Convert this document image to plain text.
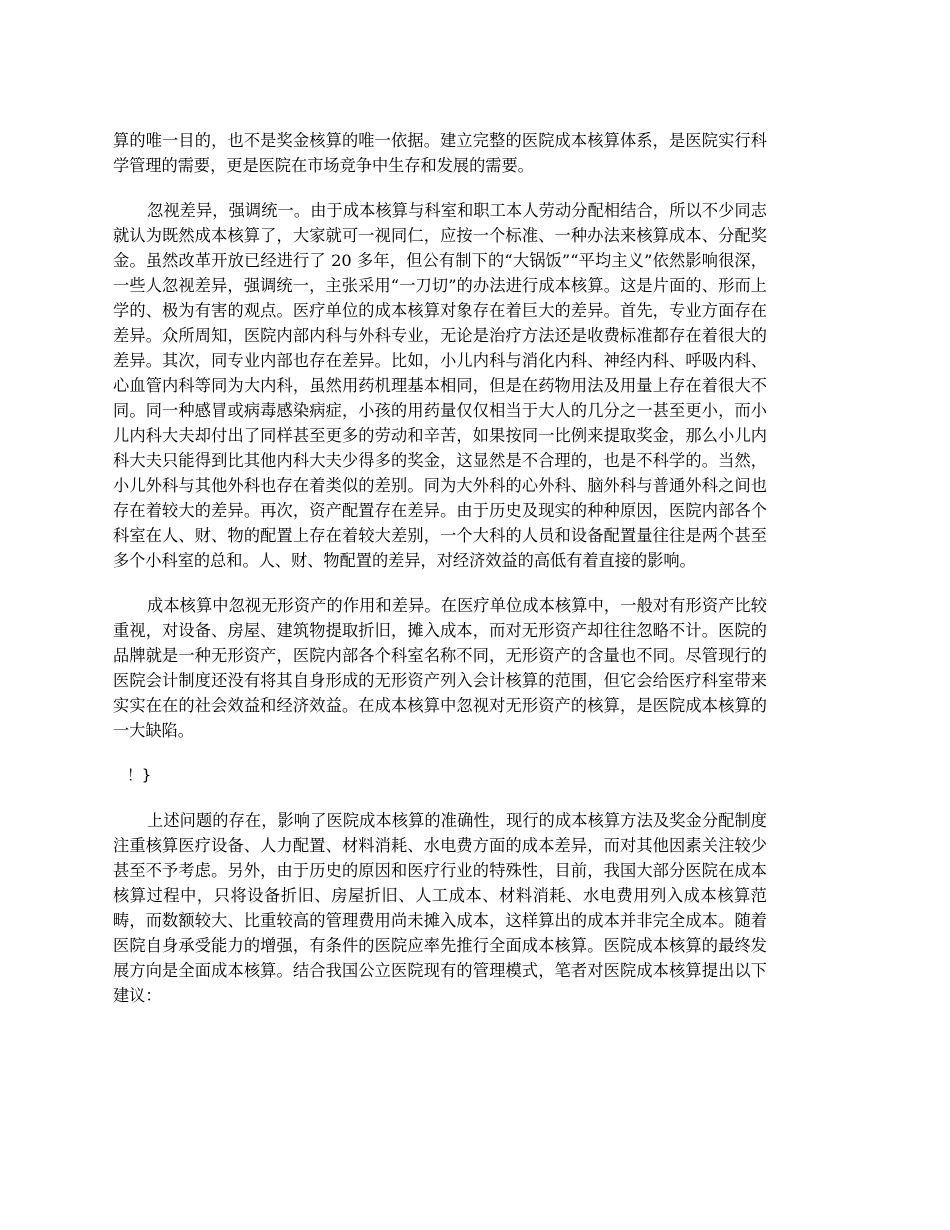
算的唯一目的，也不是奖金核算的唯一依据。建立完整的医院成本核算体系，是医院实行科学管理的需要，更是医院在市场竞争中生存和发展的需要。

忽视差异，强调统一。由于成本核算与科室和职工本人劳动分配相结合，所以不少同志就认为既然成本核算了，大家就可一视同仁，应按一个标准、一种办法来核算成本、分配奖金。虽然改革开放已经进行了 20 多年，但公有制下的“大锅饭”“平均主义”依然影响很深，一些人忽视差异，强调统一，主张采用“一刀切”的办法进行成本核算。这是片面的、形而上学的、极为有害的观点。医疗单位的成本核算对象存在着巨大的差异。首先，专业方面存在差异。众所周知，医院内部内科与外科专业，无论是治疗方法还是收费标准都存在着很大的差异。其次，同专业内部也存在差异。比如，小儿内科与消化内科、神经内科、呼吸内科、心血管内科等同为大内科，虽然用药机理基本相同，但是在药物用法及用量上存在着很大不同。同一种感冒或病毒感染病症，小孩的用药量仅仅相当于大人的几分之一甚至更小，而小儿内科大夫却付出了同样甚至更多的劳动和辛苦，如果按同一比例来提取奖金，那么小儿内科大夫只能得到比其他内科大夫少得多的奖金，这显然是不合理的，也是不科学的。当然，小儿外科与其他外科也存在着类似的差别。同为大外科的心外科、脑外科与普通外科之间也存在着较大的差异。再次，资产配置存在差异。由于历史及现实的种种原因，医院内部各个科室在人、财、物的配置上存在着较大差别，一个大科的人员和设备配置量往往是两个甚至多个小科室的总和。人、财、物配置的差异，对经济效益的高低有着直接的影响。

成本核算中忽视无形资产的作用和差异。在医疗单位成本核算中，一般对有形资产比较重视，对设备、房屋、建筑物提取折旧，摊入成本，而对无形资产却往往忽略不计。医院的品牌就是一种无形资产，医院内部各个科室名称不同，无形资产的含量也不同。尽管现行的医院会计制度还没有将其自身形成的无形资产列入会计核算的范围，但它会给医疗科室带来实实在在的社会效益和经济效益。在成本核算中忽视对无形资产的核算，是医院成本核算的一大缺陷。

！}

上述问题的存在，影响了医院成本核算的准确性，现行的成本核算方法及奖金分配制度注重核算医疗设备、人力配置、材料消耗、水电费方面的成本差异，而对其他因素关注较少甚至不予考虑。另外，由于历史的原因和医疗行业的特殊性，目前，我国大部分医院在成本核算过程中，只将设备折旧、房屋折旧、人工成本、材料消耗、水电费用列入成本核算范畴，而数额较大、比重较高的管理费用尚未摊入成本，这样算出的成本并非完全成本。随着医院自身承受能力的增强，有条件的医院应率先推行全面成本核算。医院成本核算的最终发展方向是全面成本核算。结合我国公立医院现有的管理模式，笔者对医院成本核算提出以下建议：
